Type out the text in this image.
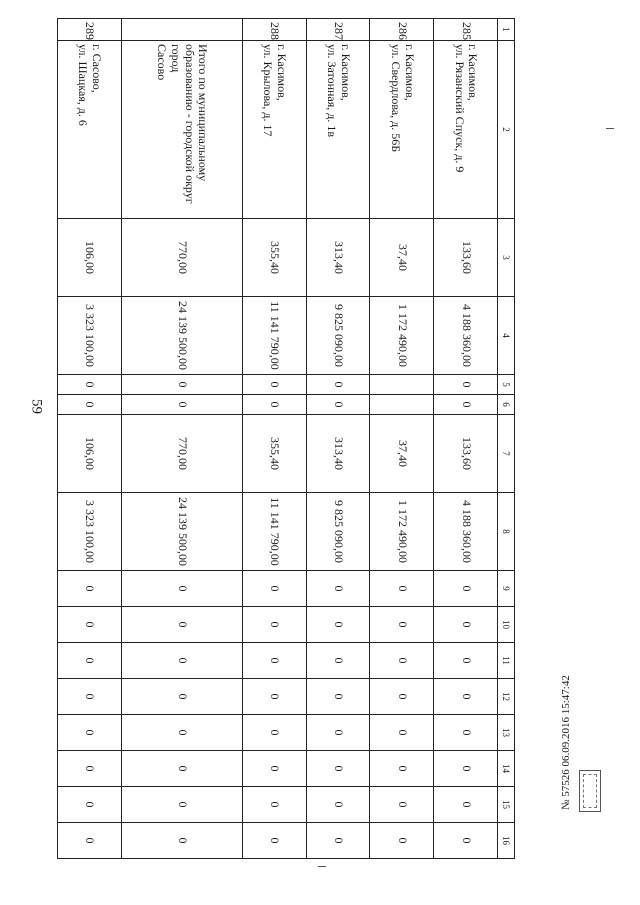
59
1	2	3	4	5	6	7	8	9	10	11	12	13	14	15	16
285	г. Касимов,
ул. Рязанский Спуск, д. 9	133,60	4 188 360,00	0	0	133,60	4 188 360,00	0	0	0	0	0	0	0	0
286	г. Касимов,
ул. Свердлова, д. 56Б	37,40	1 172 490,00			37,40	1 172 490,00	0	0	0	0	0	0	0	0
287	г. Касимов,
ул. Затонная, д. 1в	313,40	9 825 090,00	0	0	313,40	9 825 090,00	0	0	0	0	0	0	0	0
288	г. Касимов,
ул. Крылова, д. 17	355,40	11 141 790,00	0	0	355,40	11 141 790,00	0	0	0	0	0	0	0	0

	Итого по муниципальному
образованию - городской округ город
Сасово	770,00	24 139 500,00	0	0	770,00	24 139 500,00	0	0	0	0	0	0	0	0
289	г. Сасово,
ул. Шацкая, д. 6	106,00	3 323 100,00	0	0	106,00	3 323 100,00	0	0	0	0	0	0	0	0
№ 57526 06.09.2016 15:47:42
